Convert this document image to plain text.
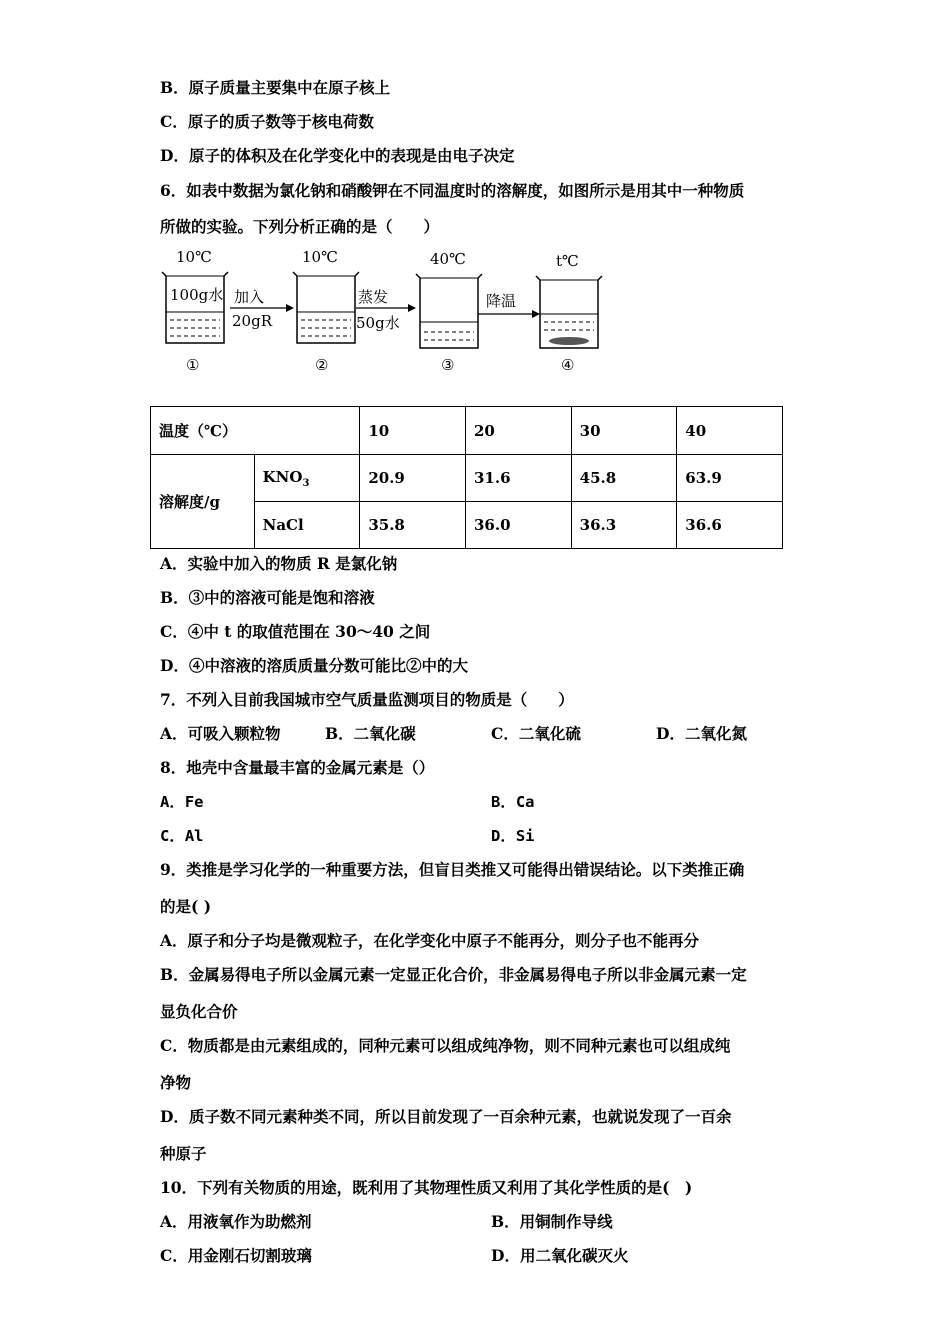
B．原子质量主要集中在原子核上
C．原子的质子数等于核电荷数
D．原子的体积及在化学变化中的表现是由电子决定
6．如表中数据为氯化钠和硝酸钾在不同温度时的溶解度，如图所示是用其中一种物质
所做的实验。下列分析正确的是（　　）
10℃
100g水 加入
20gR
10℃
蒸发
50g水
40℃
降温
t℃
①	②	③	④
温度（℃）		10	20	30	40
溶解度/g	$KNO_3$	20.9	31.6	45.8	63.9
	NaCl	35.8	36.0	36.3	36.6
A．实验中加入的物质 R 是氯化钠
B．③中的溶液可能是饱和溶液
C．④中 t 的取值范围在 30～40 之间
D．④中溶液的溶质质量分数可能比②中的大
7．不列入目前我国城市空气质量监测项目的物质是（　　）
A．可吸入颗粒物	B．二氧化碳	C．二氧化硫	D．二氧化氮
8．地壳中含量最丰富的金属元素是（）
A．Fe	B．Ca
C．Al	D．Si
9．类推是学习化学的一种重要方法，但盲目类推又可能得出错误结论。以下类推正确
的是( )
A．原子和分子均是微观粒子，在化学变化中原子不能再分，则分子也不能再分
B．金属易得电子所以金属元素一定显正化合价，非金属易得电子所以非金属元素一定
显负化合价
C．物质都是由元素组成的，同种元素可以组成纯净物，则不同种元素也可以组成纯
净物
D．质子数不同元素种类不同，所以目前发现了一百余种元素，也就说发现了一百余
种原子
10．下列有关物质的用途，既利用了其物理性质又利用了其化学性质的是(　)
A．用液氧作为助燃剂	B．用铜制作导线
C．用金刚石切割玻璃	D．用二氧化碳灭火
